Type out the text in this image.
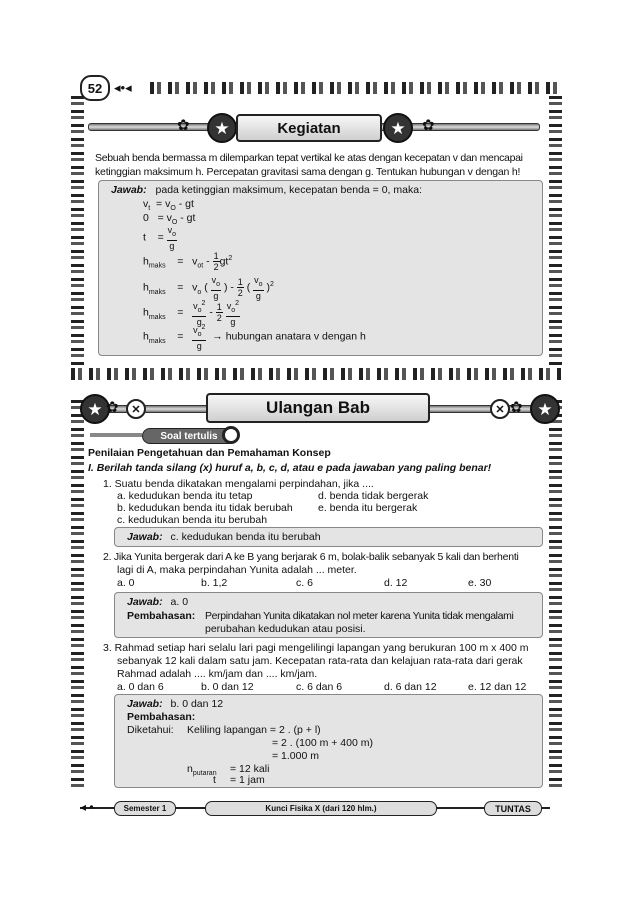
52 ◂•◂
★	★
✿	✿
Kegiatan
Sebuah benda bermassa m dilemparkan tepat vertikal ke atas dengan kecepatan v dan mencapai
ketinggian maksimum h. Percepatan gravitasi sama dengan g. Tentukan hubungan v dengan h!
Jawab: pada ketinggian maksimum, kecepatan benda = 0, maka:
$v_t = v_O$ - gt
$0 = v_O$ - gt
t    = $\frac{v_o}{g}$
$h_{maks}$    =   $v_{ot} - \frac{1}{2} gt^2$
$h_{maks}$    =   $v_o$ ( $\frac{v_o}{g}$ ) - $\frac{1}{2}$ ( $\frac{v_o}{g} )^2$
$h_{maks}$    = $\frac{v_o^2}{g} - \frac{1}{2}$
$\frac{v_o^2}{g}$
$h_{maks}$    = $\frac{v_o^2}{g}$ → hubungan anatara v dengan h
★	★
✕	✕
✿	✿
Ulangan Bab
Soal tertulis
Penilaian Pengetahuan dan Pemahaman Konsep
I. Berilah tanda silang (x) huruf a, b, c, d, atau e pada jawaban yang paling benar!
1. Suatu benda dikatakan mengalami perpindahan, jika ....
a. kedudukan benda itu tetap	d. benda tidak bergerak
b. kedudukan benda itu tidak berubah e. benda itu bergerak
c. kedudukan benda itu berubah
Jawab: c. kedudukan benda itu berubah
2. Jika Yunita bergerak dari A ke B yang berjarak 6 m, bolak-balik sebanyak 5 kali dan berhenti
lagi di A, maka perpindahan Yunita adalah ... meter.
a. 0	b. 1,2	c. 6	d. 12	e. 30
Jawab: a. 0
Pembahasan: Perpindahan Yunita dikatakan nol meter karena Yunita tidak mengalami
perubahan kedudukan atau posisi.
3. Rahmad setiap hari selalu lari pagi mengelilingi lapangan yang berukuran 100 m x 400 m
sebanyak 12 kali dalam satu jam. Kecepatan rata-rata dan kelajuan rata-rata dari gerak
Rahmad adalah .... km/jam dan .... km/jam.
a. 0 dan 6	b. 0 dan 12	c. 6 dan 6	d. 6 dan 12	e. 12 dan 12
Jawab: b. 0 dan 12
Pembahasan:
Diketahui: Keliling lapangan = 2 . (p + l)
= 2 . (100 m + 400 m)
= 1.000 m
$n_{putaran} = 12$ kali
t = 1 jam
◂ •	Semester 1	Kunci Fisika X (dari 120 hlm.)	TUNTAS
